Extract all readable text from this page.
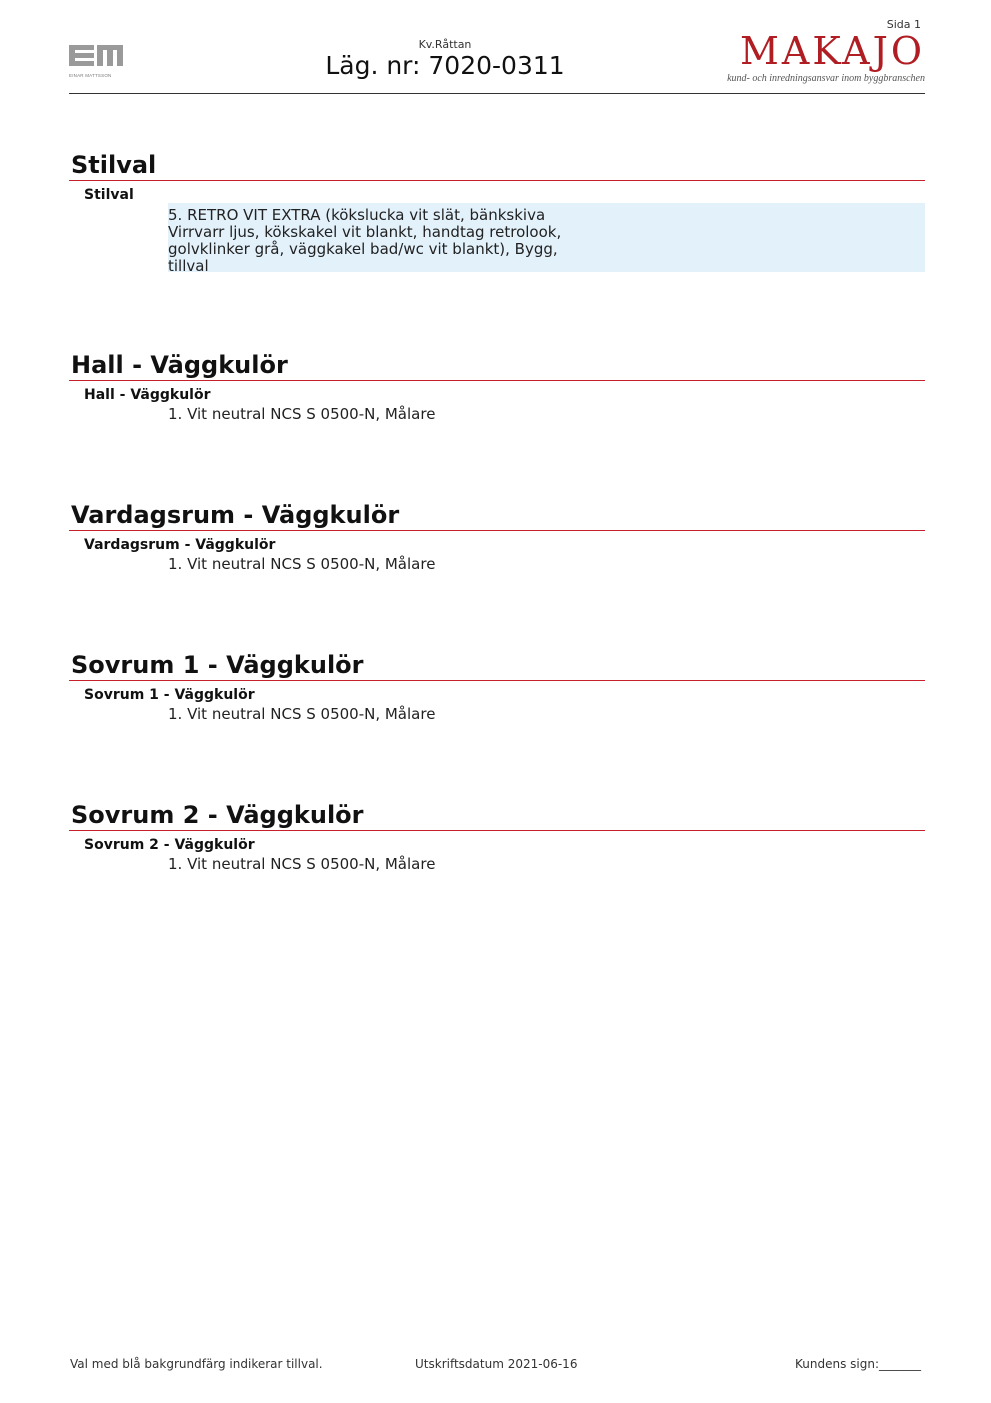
EINAR MATTSSON
Kv.Råttan
Läg. nr: 7020-0311
Sida 1
MAKAJO
kund- och inredningsansvar inom byggbranschen
Stilval
Stilval
5. RETRO VIT EXTRA (kökslucka vit slät, bänkskiva Virrvarr ljus, kökskakel vit blankt, handtag retrolook, golvklinker grå, väggkakel bad/wc vit blankt), Bygg, tillval
Hall - Väggkulör
Hall - Väggkulör
1. Vit neutral NCS S 0500-N, Målare
Vardagsrum - Väggkulör
Vardagsrum - Väggkulör
1. Vit neutral NCS S 0500-N, Målare
Sovrum 1 - Väggkulör
Sovrum 1 - Väggkulör
1. Vit neutral NCS S 0500-N, Målare
Sovrum 2 - Väggkulör
Sovrum 2 - Väggkulör
1. Vit neutral NCS S 0500-N, Målare
Val med blå bakgrundfärg indikerar tillval.	Utskriftsdatum 2021-06-16	Kundens sign:_______
